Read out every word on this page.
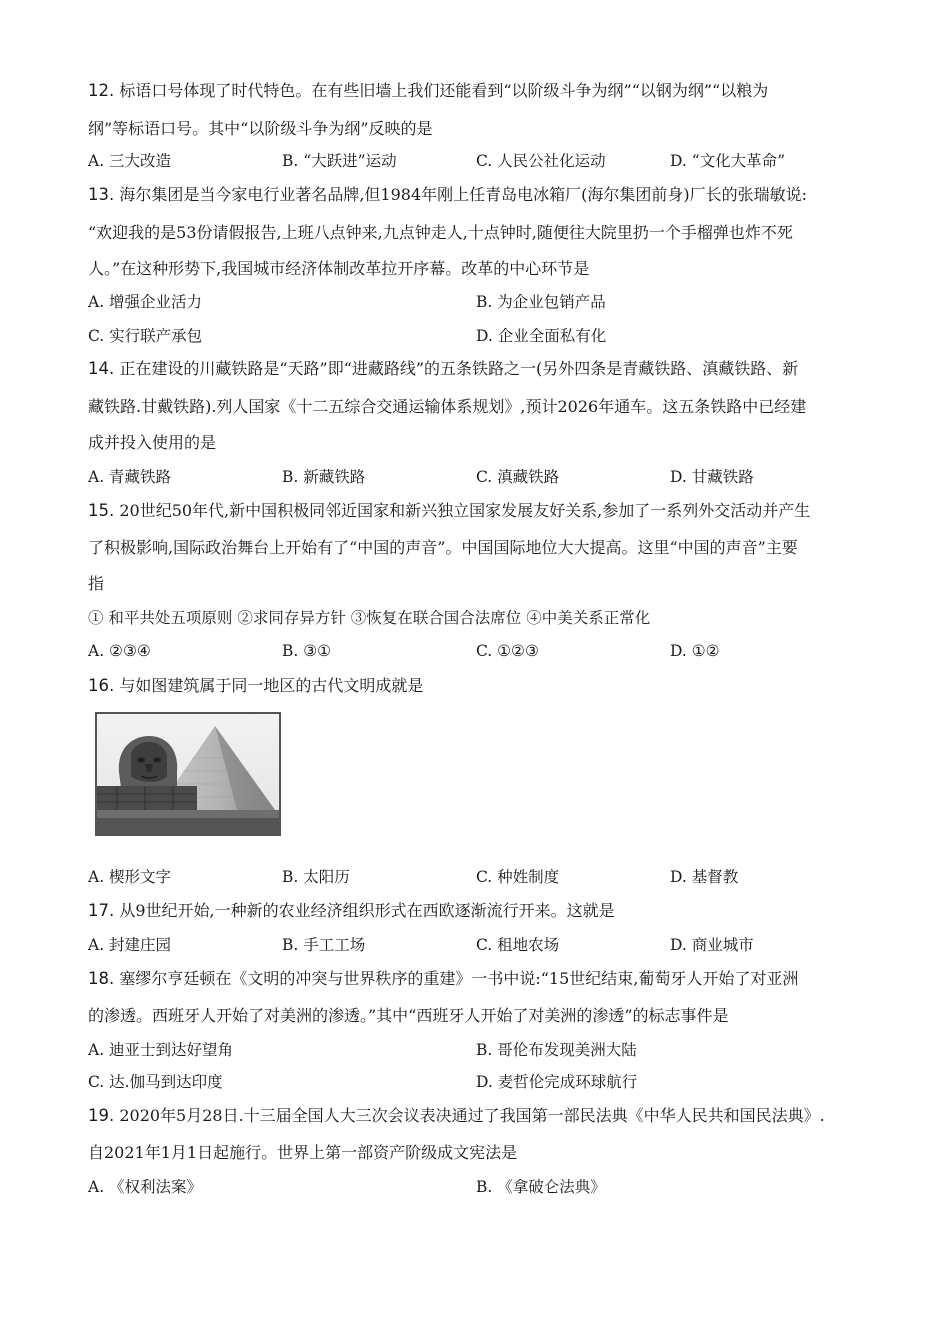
12. 标语口号体现了时代特色。在有些旧墙上我们还能看到“以阶级斗争为纲”“以钢为纲”“以粮为
纲”等标语口号。其中“以阶级斗争为纲”反映的是
A. 三大改造	B. “大跃进”运动	C. 人民公社化运动	D. “文化大革命”
13. 海尔集团是当今家电行业著名品牌,但1984年刚上任青岛电冰箱厂(海尔集团前身)厂长的张瑞敏说:
“欢迎我的是53份请假报告,上班八点钟来,九点钟走人,十点钟时,随便往大院里扔一个手榴弹也炸不死
人。”在这种形势下,我国城市经济体制改革拉开序幕。改革的中心环节是
A. 增强企业活力	B. 为企业包销产品
C. 实行联产承包	D. 企业全面私有化
14. 正在建设的川藏铁路是“天路”即“进藏路线”的五条铁路之一(另外四条是青藏铁路、滇藏铁路、新
藏铁路.甘戴铁路).列人国家《十二五综合交通运输体系规划》,预计2026年通车。这五条铁路中已经建
成并投入使用的是
A. 青藏铁路	B. 新藏铁路	C. 滇藏铁路	D. 甘藏铁路
15. 20世纪50年代,新中国积极同邻近国家和新兴独立国家发展友好关系,参加了一系列外交活动并产生
了积极影响,国际政治舞台上开始有了“中国的声音”。中国国际地位大大提高。这里“中国的声音”主要
指
① 和平共处五项原则 ②求同存异方针 ③恢复在联合国合法席位 ④中美关系正常化
A. ②③④	B. ③①	C. ①②③	D. ①②
16. 与如图建筑属于同一地区的古代文明成就是
A. 楔形文字	B. 太阳历	C. 种姓制度	D. 基督教
17. 从9世纪开始,一种新的农业经济组织形式在西欧逐渐流行开来。这就是
A. 封建庄园	B. 手工工场	C. 租地农场	D. 商业城市
18. 塞缪尔亨廷顿在《文明的冲突与世界秩序的重建》一书中说:“15世纪结束,葡萄牙人开始了对亚洲
的渗透。西班牙人开始了对美洲的渗透。”其中“西班牙人开始了对美洲的渗透”的标志事件是
A. 迪亚士到达好望角	B. 哥伦布发现美洲大陆
C. 达.伽马到达印度	D. 麦哲伦完成环球航行
19. 2020年5月28日.十三届全国人大三次会议表决通过了我国第一部民法典《中华人民共和国民法典》.
自2021年1月1日起施行。世界上第一部资产阶级成文宪法是
A. 《权利法案》	B. 《拿破仑法典》
